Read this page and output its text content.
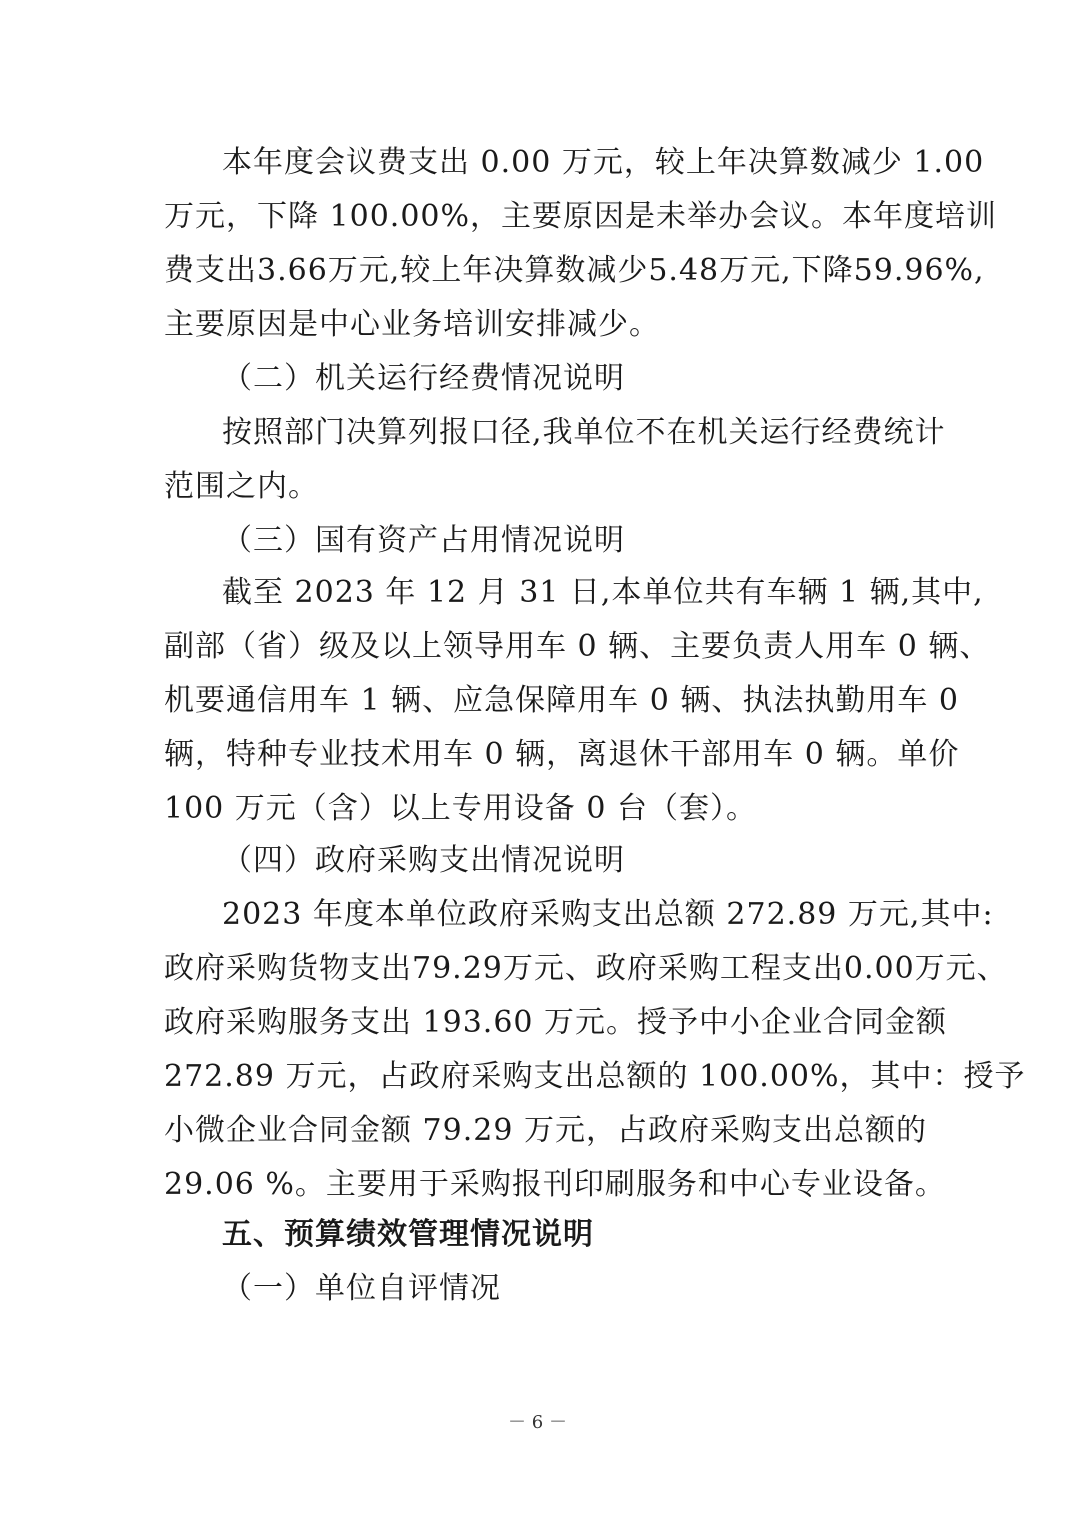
本年度会议费支出 0.00 万元，较上年决算数减少 1.00
万元，下降 100.00%，主要原因是未举办会议。本年度培训
费支出3.66万元,较上年决算数减少5.48万元,下降59.96%,
主要原因是中心业务培训安排减少。
（二）机关运行经费情况说明
按照部门决算列报口径,我单位不在机关运行经费统计
范围之内。
（三）国有资产占用情况说明
截至 2023 年 12 月 31 日,本单位共有车辆 1 辆,其中,
副部（省）级及以上领导用车 0 辆、主要负责人用车 0 辆、
机要通信用车 1 辆、应急保障用车 0 辆、执法执勤用车 0
辆，特种专业技术用车 0 辆，离退休干部用车 0 辆。单价
100 万元（含）以上专用设备 0 台（套）。
（四）政府采购支出情况说明
2023 年度本单位政府采购支出总额 272.89 万元,其中:
政府采购货物支出79.29万元、政府采购工程支出0.00万元、
政府采购服务支出 193.60 万元。授予中小企业合同金额
272.89 万元，占政府采购支出总额的 100.00%，其中：授予
小微企业合同金额 79.29 万元，占政府采购支出总额的
29.06 %。主要用于采购报刊印刷服务和中心专业设备。
五、预算绩效管理情况说明
（一）单位自评情况
－ 6 －
